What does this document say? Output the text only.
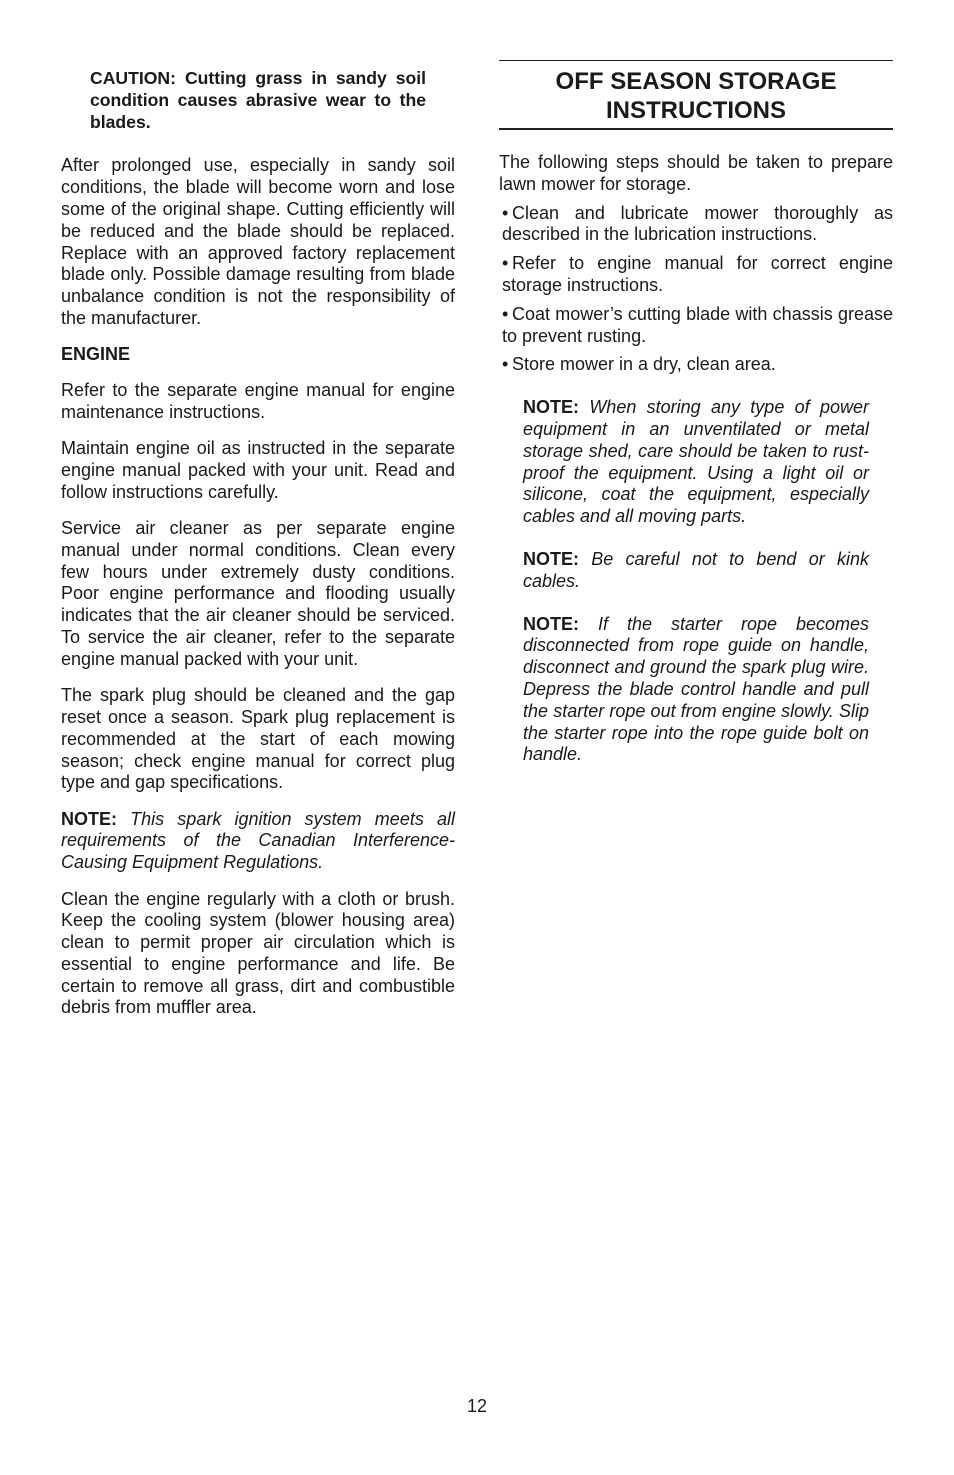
CAUTION: Cutting grass in sandy soil condition causes abrasive wear to the blades.

After prolonged use, especially in sandy soil conditions, the blade will become worn and lose some of the original shape. Cutting efficiently will be reduced and the blade should be replaced. Replace with an approved factory replacement blade only. Possible damage resulting from blade unbalance condition is not the responsibility of the manufacturer.

ENGINE

Refer to the separate engine manual for engine maintenance instructions.

Maintain engine oil as instructed in the separate engine manual packed with your unit. Read and follow instructions carefully.

Service air cleaner as per separate engine manual under normal conditions. Clean every few hours under extremely dusty conditions. Poor engine performance and flooding usually indicates that the air cleaner should be serviced. To service the air cleaner, refer to the separate engine manual packed with your unit.

The spark plug should be cleaned and the gap reset once a season. Spark plug replacement is recommended at the start of each mowing season; check engine manual for correct plug type and gap specifications.

NOTE: This spark ignition system meets all requirements of the Canadian Interference-Causing Equipment Regulations.

Clean the engine regularly with a cloth or brush. Keep the cooling system (blower housing area) clean to permit proper air circulation which is essential to engine performance and life. Be certain to remove all grass, dirt and combustible debris from muffler area.

OFF SEASON STORAGE INSTRUCTIONS

The following steps should be taken to prepare lawn mower for storage.

• Clean and lubricate mower thoroughly as described in the lubrication instructions.
• Refer to engine manual for correct engine storage instructions.
• Coat mower’s cutting blade with chassis grease to prevent rusting.
• Store mower in a dry, clean area.

NOTE: When storing any type of power equipment in an unventilated or metal storage shed, care should be taken to rust-proof the equipment. Using a light oil or silicone, coat the equipment, especially cables and all moving parts.

NOTE: Be careful not to bend or kink cables.

NOTE: If the starter rope becomes disconnected from rope guide on handle, disconnect and ground the spark plug wire. Depress the blade control handle and pull the starter rope out from engine slowly. Slip the starter rope into the rope guide bolt on handle.

12
